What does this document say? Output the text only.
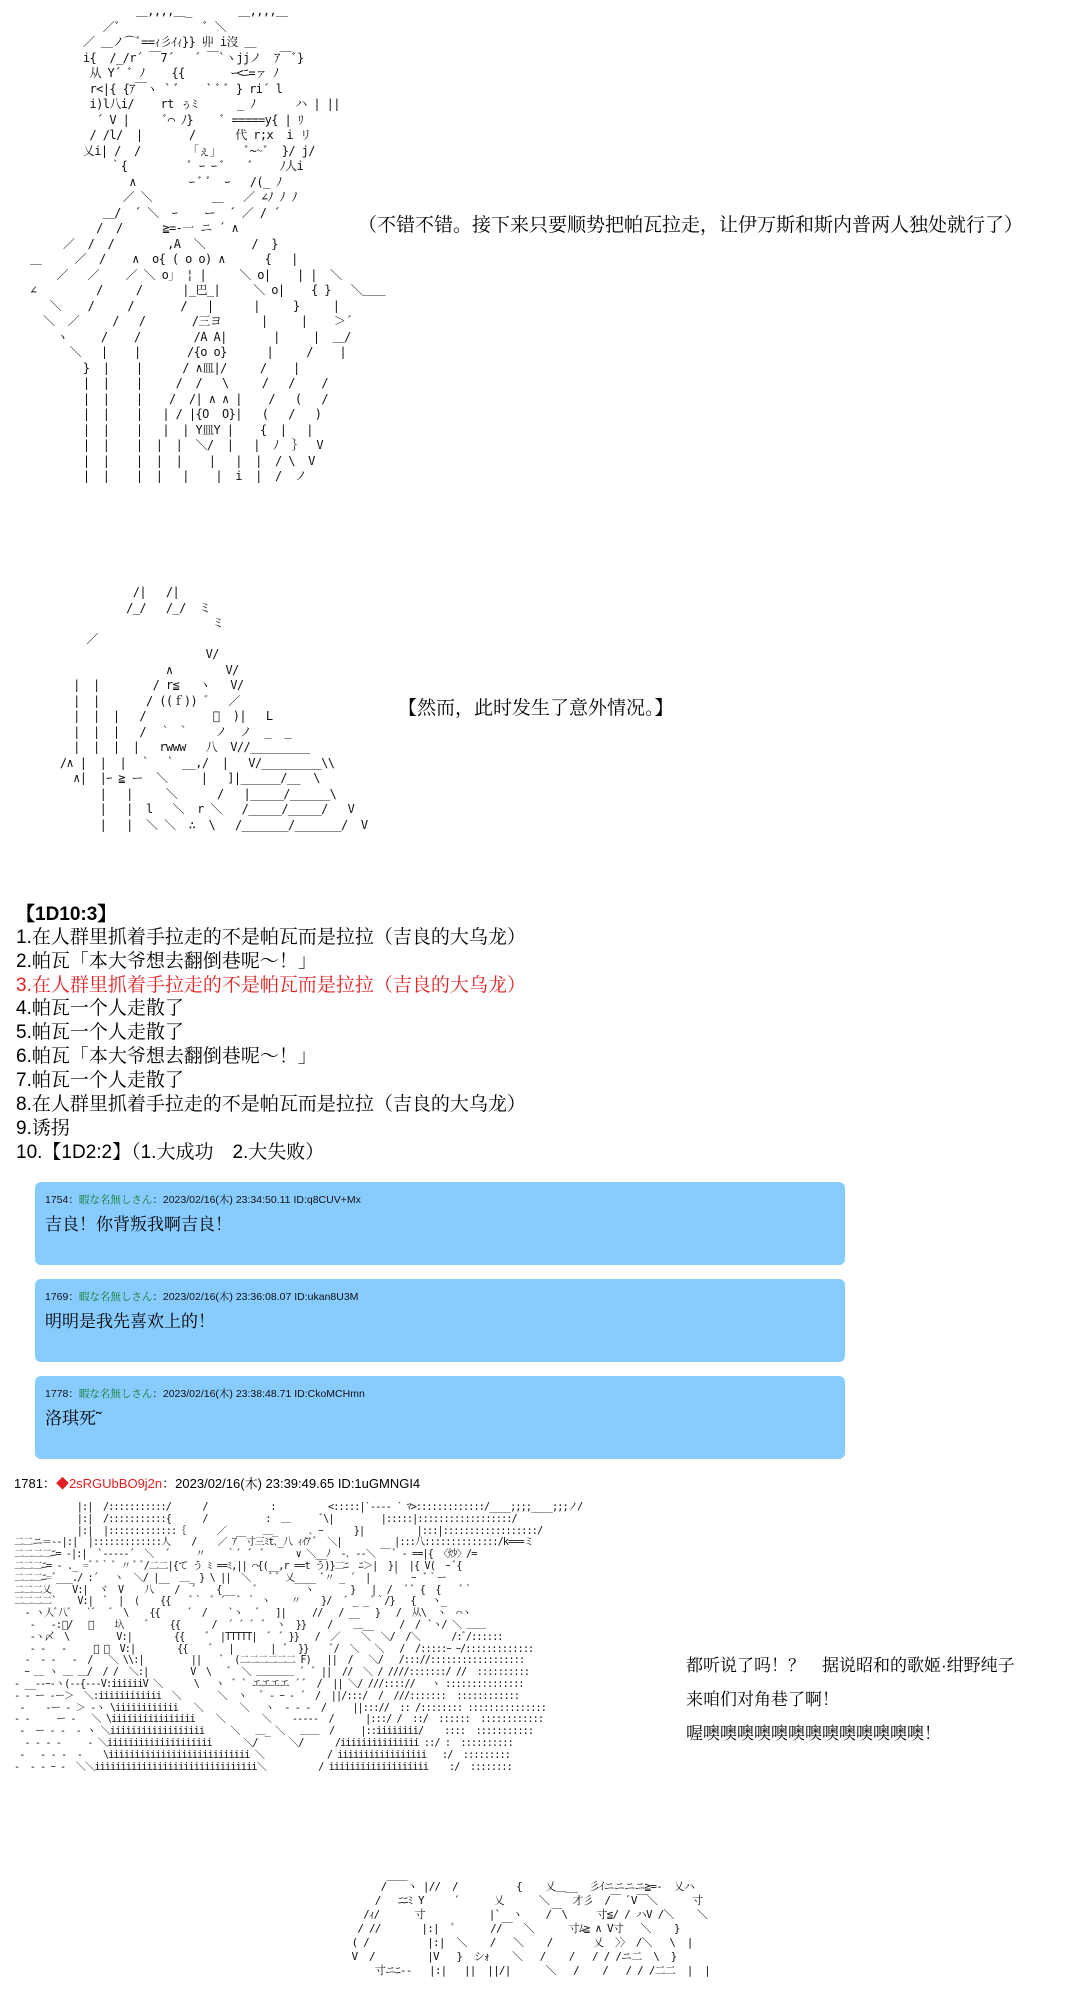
＿,,,,＿_       ＿,,,,＿
／ﾞ             ﾞ ＼
／ ＿ノ⌒ﾞ==ｨ彡ｲｨ}} 丱 i沒 ＿
i{  /_/r´ ￣7´   ´ ￣`ヽjjノ  ｱ￣ﾞ}
从 Y´ ﾞ ﾉ    {{       ｰ<ﾆ=ァ ﾉ
r<|{ {ｱ￣ヽ ` ﾞ    ` ﾞ ﾞ } ri´ l
i)l八i/    rt ぅﾐ      _ ﾉ      ハ | ||
´ V |     ﾞ⌒ ﾉ}    ﾞ =====y{ | ﾘ
/ /l/  |       /      代 r;x  i リ
乂i| /  /       「ぇ」    ﾞ~~ﾞ  }/ j/
｀{         ﾞ ｰ ｰ ﾞ    ﾞ    ﾉ人i
∧        ｰ ﾞ ﾞ  ｰ   /(_ ﾉ
／ ＼         ＿   ／ ∠ﾉ ﾉ ﾉ
＿/  ´ ＼  ｰ    ー  ´ ／ / ´
/  /      ≧=‐一 ニ ´ ∧
／  /  /        ,A  ＼       /  }
＿     ／  /    ∧  o{ ( o o) ∧      {   |
／   ／    ／ ＼ o」 ¦ |     ＼ o|    | |  ＼
∠         /     /      |_巴_|     ＼ o|    { }   ＼＿＿
＼    /     /       /   |      |     }     |
＼  ／     /   /       /三ヨ      |     |    ＞´
ヽ     /    /        /A A|       |     |  ＿/
＼   |    |       /{o o}      |     /    |
}  |    |      / ∧皿|/     /    |
|  |    |     /  /   \     /   /    /
|  |    |    /  /| ∧ ∧ |    /   (   /
|  |    |   | / |{O  O}|   (   /   )
|  |    |   |  | Y皿Y |    {  |   |
|  |    |  |  |  ＼/  |   |  ﾉ  ｝  V
|  |    |  |  |    |   |  |  / \  V
|  |    |  |   |    |  i  |  /  ノ
（不错不错。接下来只要顺势把帕瓦拉走，让伊万斯和斯内普两人独处就行了）
/|   /|
/_/   /_/  ミ
ミ
／
V/
∧        V/
|  |        / r≦   ヽ   V/
|  |       / ((ｆ)) ゛  ／
|  |  |   /          ﾞ  )|   L
|  |  |   /  ｀ ｀    ノ  ノ  _  _
|  |  |  |   rwww   八  V//_________
/∧ |  |  |  ｀  ｀ __,/  |   V/_________\\
∧|  |ｰ ≧ ー  ＼     |   ]|______/__  \
|   |     ＼      /   |_____/______\
|   |  l   ＼  r ＼   /_____/_____/   V
|   |  ＼ ＼  ∴  \   /_______/_______/  V
【然而，此时发生了意外情况。】
【1D10:3】
1.在人群里抓着手拉走的不是帕瓦而是拉拉（吉良的大乌龙）
2.帕瓦「本大爷想去翻倒巷呢～！」
3.在人群里抓着手拉走的不是帕瓦而是拉拉（吉良的大乌龙）
4.帕瓦一个人走散了
5.帕瓦一个人走散了
6.帕瓦「本大爷想去翻倒巷呢～！」
7.帕瓦一个人走散了
8.在人群里抓着手拉走的不是帕瓦而是拉拉（吉良的大乌龙）
9.诱拐
10.【1D2:2】（1.大成功　2.大失败）
1754：暇な名無しさん：2023/02/16(木) 23:34:50.11 ID:q8CUV+Mx
吉良！你背叛我啊吉良！
1769：暇な名無しさん：2023/02/16(木) 23:36:08.07 ID:ukan8U3M
明明是我先喜欢上的！
1778：暇な名無しさん：2023/02/16(木) 23:38:48.71 ID:CkoMCHmn
洛琪死˜
1781：◆2sRGUbBO9j2n：2023/02/16(木) 23:39:49.65 ID:1uGMNGI4
|:|  /:::::::::::/      /            :          <:::::|`‐‐‐‐ ´ ﾏ>:::::::::::::/____;;;;____;;;ノ/
|:|  /:::::::::::{      /           :  ＿      ﾞ\|         |:::::|::::::::::::::::::/
|:|  |:::::::::::::｛      ／       ＿_      ､ ｰ      }|          |:::|::::::::::::::::::/
二二ニ＝‐-|:|  |:::::::::::::人    /    ／ ｱ￣寸三ﾐt､_八 ｨｲｱ ﾞ  ＼|          |:::八::::::::::::::/k===ミ
二二二二ﾆ= -|:|  `‐‐‐‐‐´  ＼  ´     〃    ｀´  ﾞ  ﾞ      ∨ ＼__ﾉ  ‐､ ‐‐＼ ￣ ﾞ ‐ ==|{ 〈炒〉/=
二二二ﾆ= - ._ =ﾞ ﾞ｀ ﾞ 〃 ﾞ ﾞ/二二|{て う ﾐ ==ﾐ,|| ⌒{(__,r ==t う)}二ﾆ  ﾆ＞|  }|  |{ V(  ｰ ﾞ{
二二二ﾆ=ﾞ___./ :´   ヽ  ＼/ |__  ＿_ } \ ||  ＼    ﾞ ﾞ 乂____ ﾞ〃 _ ´  |    ｀  ｰ  ﾞ｀ー
二二二乂    V:|  ヾ  V    八    /  ´    {      ﾞ         ヽ       }   |  /  ´ ﾞ {  {    ﾞ｀
二二二二`    V:|  ﾞ  |  ⟨    {{    ﾞ｀  ﾞ ´￣ ﾞ ｀ ヽ    〃    }/  ´ _ _ ﾞ｀/}   {   ヽ_
‐ ヽ人ﾞ八ﾞ   `ﾞ   ﾞ  \    {{     ´  /    `ヽ   ﾞ   ]|     //   / __   }   /  从\  ヽ  ⌒ヽ
‐   ‐:ﾞ/   ＼    圦    ﾞ    {{      /  ´ ´ ´  ﾞ  ヽ  }}    /    ＿__     /  /  ﾞヽ/ ＼ ＿＿
‐ヽ〆  \         V:|        {{    ﾞ  |TTTTT|  ﾞ  ﾞ }}   /  ／    ＼  ＼/  /＼      /:ﾞ/::::::
‐ ‐   ‐     ﾞ ＼  V:|        {{    ﾞ   |       |  ﾞ  }}    ﾞ/  ＼   ＼   /  /:::::ｰ ｰ/:::::::::::::
‐  ‐ ‐   ‐  /   ＼ \\:|         ||    ﾞ  (二二二二二二 F)   ||  /   ＼/   /::://::::::::::::::::::
ｰ ＿ ヽ ＿ ＿/  / /  ＼:|        V  \   ﾞ  ＼ ＿＿＿＿ ´  ﾞ ||  //  ＼ / ////:::::::/ //  ::::::::::
‐ __--ｰ‐ヽ(‐-{-‐-V:iiiiiiV ＼      \   ヽ  ﾞ ` エエエエ ´ ﾞ  /  || ＼/ ///:::://   ヽ :::::::::::::::
‐ ‐ ー ‐ー＞  ＼:iiiiiiiiiiii  ＼       ＼  ヽ   ﾞ ‐ ｰ ‐ ´  /  ||/:::/  /  ///:::::::  ::::::::::::
‐    ‐ー ‐ ＞ ‐ヽ \iiiiiiiiiiii   ＼       ＼   ヽ  ‐ ‐ ‐  /     ||::://  :: /:::::::: :::::::::::::::
‐ ‐     ー ‐   ＼ \iiiiiiiiiiiiiiii    ＼       ＼    ‐‐‐‐‐  /      |:::/ /  ::/  ::::::  ::::::::::::
‐  ー ‐ ‐  ‐ ヽ ＼iiiiiiiiiiiiiiiiii     ＼   ＿_ ＼   ＿＿  /     |::iiiiiiii/    ::::  :::::::::::
‐ ‐ ‐ ‐     ‐ ＼iiiiiiiiiiiiiiiiiiii      ＼/      ＼/      /iiiiiiiiiiiiiii ::/ :  ::::::::::
‐   ‐ ‐ ‐  ‐    \iiiiiiiiiiiiiiiiiiiiiiiiiii ＼            / iiiiiiiiiiiiiiiii   :/  :::::::::
‐  ‐ ‐ ｰ ‐  ＼＼iiiiiiiiiiiiiiiiiiiiiiiiiiiiiii＼          / iiiiiiiiiiiiiiiiiii    :/  ::::::::
都听说了吗！？　据说昭和的歌姬·绀野纯子
来咱们对角巷了啊！
喔噢噢噢噢噢噢噢噢噢噢噢噢噢！
/￣￣ヽ |//  /          {    乂＿__  彡ｲニニニニ≧=‐  乂ハ
/   ﾆﾆﾐ Y     ´      乂      ＼    才彡  /￣ ﾞV￣＼      寸
/ｨ/      寸           |`  ヽ    /￣\     寸≦/ / ハV /＼    ＼
/ //       |:|  ﾞ      //￣  ＼      寸ﾑ≧ ∧ V寸   ＼    }
( /          |:|  ＼    /   ＼    /       乂  〉〉 /＼   \  |
V  /         |V   }  シｫ    ＼   /    /   / / /ニ二  \  }
寸ニﾆ‐‐   |:|   ||  ||/|      ＼   /    /   / / /二二  |  |
